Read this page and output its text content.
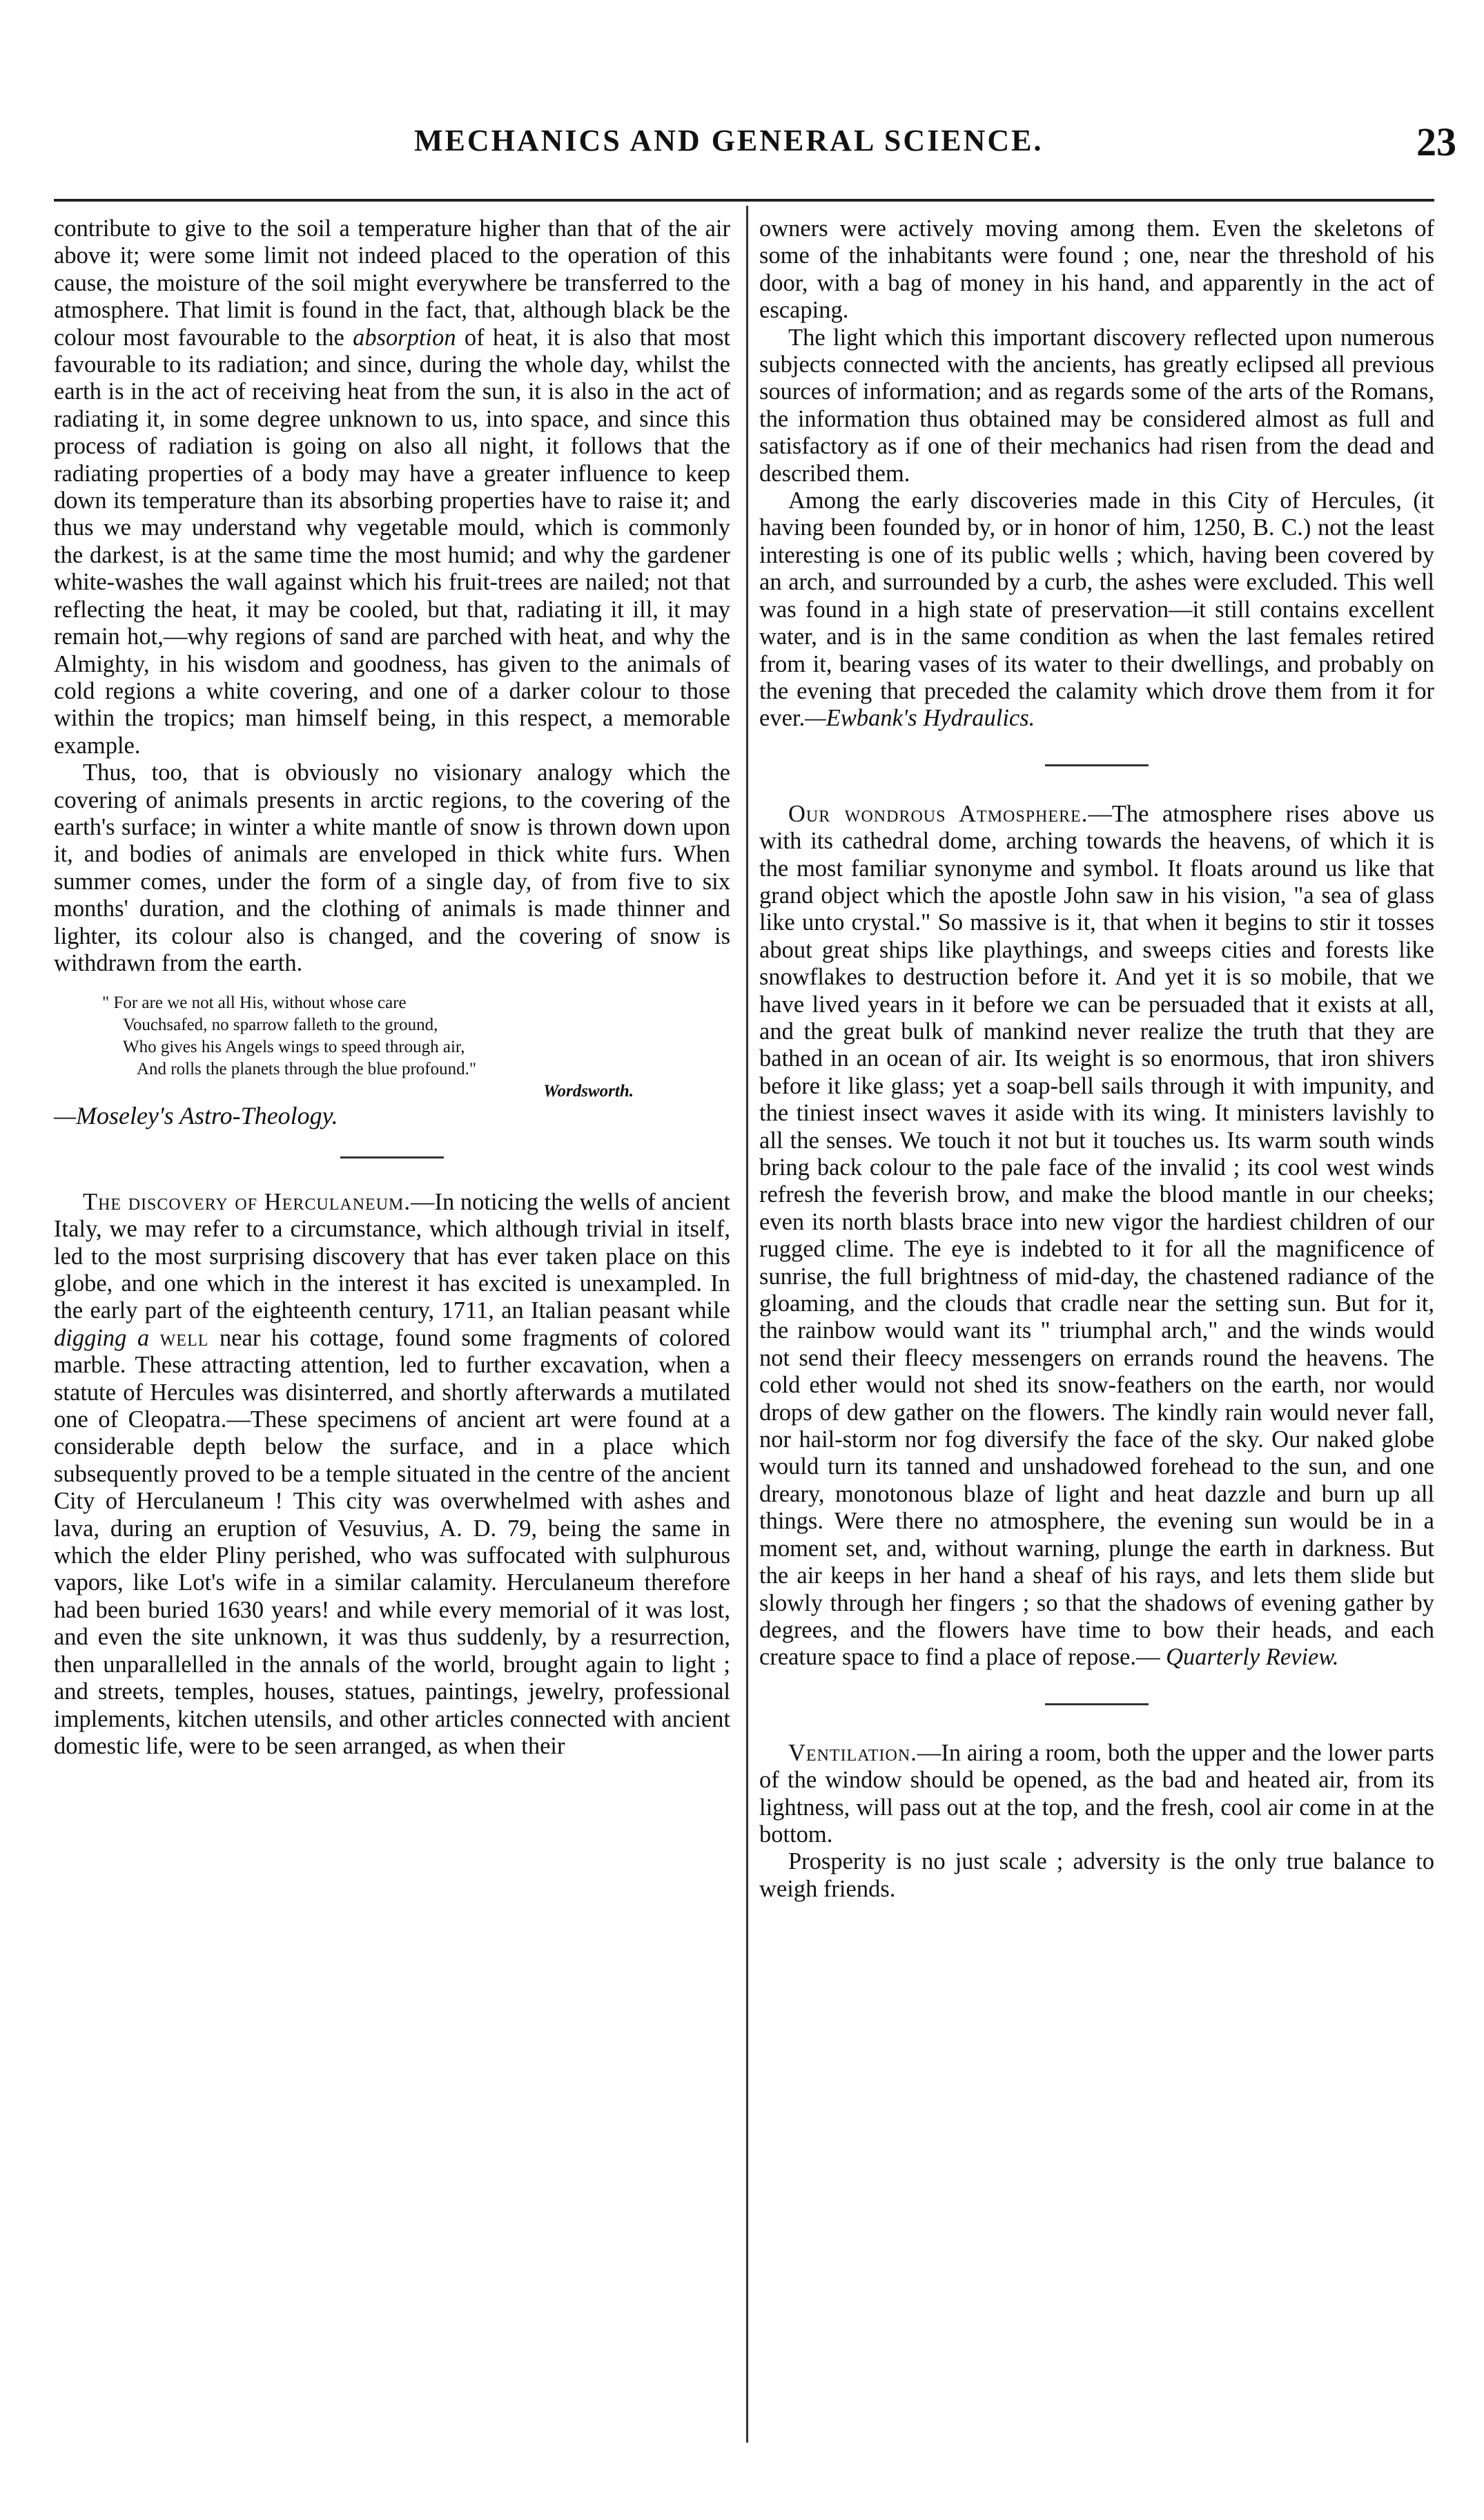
MECHANICS AND GENERAL SCIENCE.	23

contribute to give to the soil a temperature higher than that of the air above it; were some limit not indeed placed to the operation of this cause, the moisture of the soil might everywhere be transferred to the atmosphere. That limit is found in the fact, that, although black be the colour most favourable to the absorption of heat, it is also that most favourable to its radiation; and since, during the whole day, whilst the earth is in the act of receiving heat from the sun, it is also in the act of radiating it, in some degree unknown to us, into space, and since this process of radiation is going on also all night, it follows that the radiating properties of a body may have a greater influence to keep down its temperature than its absorbing properties have to raise it; and thus we may understand why vegetable mould, which is commonly the darkest, is at the same time the most humid; and why the gardener white-washes the wall against which his fruit-trees are nailed; not that reflecting the heat, it may be cooled, but that, radiating it ill, it may remain hot,—why regions of sand are parched with heat, and why the Almighty, in his wisdom and goodness, has given to the animals of cold regions a white covering, and one of a darker colour to those within the tropics; man himself being, in this respect, a memorable example.

Thus, too, that is obviously no visionary analogy which the covering of animals presents in arctic regions, to the covering of the earth's surface; in winter a white mantle of snow is thrown down upon it, and bodies of animals are enveloped in thick white furs. When summer comes, under the form of a single day, of from five to six months' duration, and the clothing of animals is made thinner and lighter, its colour also is changed, and the covering of snow is withdrawn from the earth.

" For are we not all His, without whose care
Vouchsafed, no sparrow falleth to the ground,
Who gives his Angels wings to speed through air,
And rolls the planets through the blue profound."
Wordsworth.

—Moseley's Astro-Theology.

The discovery of Herculaneum.—In noticing the wells of ancient Italy, we may refer to a circumstance, which although trivial in itself, led to the most surprising discovery that has ever taken place on this globe, and one which in the interest it has excited is unexampled. In the early part of the eighteenth century, 1711, an Italian peasant while digging a well near his cottage, found some fragments of colored marble. These attracting attention, led to further excavation, when a statute of Hercules was disinterred, and shortly afterwards a mutilated one of Cleopatra.—These specimens of ancient art were found at a considerable depth below the surface, and in a place which subsequently proved to be a temple situated in the centre of the ancient City of Herculaneum ! This city was overwhelmed with ashes and lava, during an eruption of Vesuvius, A. D. 79, being the same in which the elder Pliny perished, who was suffocated with sulphurous vapors, like Lot's wife in a similar calamity. Herculaneum therefore had been buried 1630 years! and while every memorial of it was lost, and even the site unknown, it was thus suddenly, by a resurrection, then unparallelled in the annals of the world, brought again to light ; and streets, temples, houses, statues, paintings, jewelry, professional implements, kitchen utensils, and other articles connected with ancient domestic life, were to be seen arranged, as when their

owners were actively moving among them. Even the skeletons of some of the inhabitants were found ; one, near the threshold of his door, with a bag of money in his hand, and apparently in the act of escaping.

The light which this important discovery reflected upon numerous subjects connected with the ancients, has greatly eclipsed all previous sources of information; and as regards some of the arts of the Romans, the information thus obtained may be considered almost as full and satisfactory as if one of their mechanics had risen from the dead and described them.

Among the early discoveries made in this City of Hercules, (it having been founded by, or in honor of him, 1250, B. C.) not the least interesting is one of its public wells ; which, having been covered by an arch, and surrounded by a curb, the ashes were excluded. This well was found in a high state of preservation—it still contains excellent water, and is in the same condition as when the last females retired from it, bearing vases of its water to their dwellings, and probably on the evening that preceded the calamity which drove them from it for ever.—Ewbank's Hydraulics.

Our wondrous Atmosphere.—The atmosphere rises above us with its cathedral dome, arching towards the heavens, of which it is the most familiar synonyme and symbol. It floats around us like that grand object which the apostle John saw in his vision, "a sea of glass like unto crystal." So massive is it, that when it begins to stir it tosses about great ships like playthings, and sweeps cities and forests like snowflakes to destruction before it. And yet it is so mobile, that we have lived years in it before we can be persuaded that it exists at all, and the great bulk of mankind never realize the truth that they are bathed in an ocean of air. Its weight is so enormous, that iron shivers before it like glass; yet a soap-bell sails through it with impunity, and the tiniest insect waves it aside with its wing. It ministers lavishly to all the senses. We touch it not but it touches us. Its warm south winds bring back colour to the pale face of the invalid ; its cool west winds refresh the feverish brow, and make the blood mantle in our cheeks; even its north blasts brace into new vigor the hardiest children of our rugged clime. The eye is indebted to it for all the magnificence of sunrise, the full brightness of mid-day, the chastened radiance of the gloaming, and the clouds that cradle near the setting sun. But for it, the rainbow would want its " triumphal arch," and the winds would not send their fleecy messengers on errands round the heavens. The cold ether would not shed its snow-feathers on the earth, nor would drops of dew gather on the flowers. The kindly rain would never fall, nor hail-storm nor fog diversify the face of the sky. Our naked globe would turn its tanned and unshadowed forehead to the sun, and one dreary, monotonous blaze of light and heat dazzle and burn up all things. Were there no atmosphere, the evening sun would be in a moment set, and, without warning, plunge the earth in darkness. But the air keeps in her hand a sheaf of his rays, and lets them slide but slowly through her fingers ; so that the shadows of evening gather by degrees, and the flowers have time to bow their heads, and each creature space to find a place of repose.— Quarterly Review.

Ventilation.—In airing a room, both the upper and the lower parts of the window should be opened, as the bad and heated air, from its lightness, will pass out at the top, and the fresh, cool air come in at the bottom.

Prosperity is no just scale ; adversity is the only true balance to weigh friends.
